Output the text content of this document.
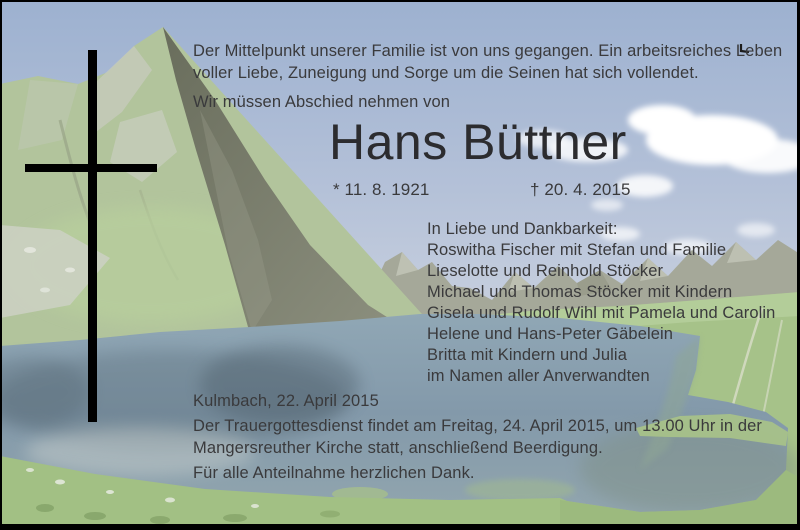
Der Mittelpunkt unserer Familie ist von uns gegangen. Ein arbeitsreiches Leben
voller Liebe, Zuneigung und Sorge um die Seinen hat sich vollendet.

Wir müssen Abschied nehmen von

Hans Büttner
* 11. 8. 1921	† 20. 4. 2015
In Liebe und Dankbarkeit:
Roswitha Fischer mit Stefan und Familie
Lieselotte und Reinhold Stöcker
Michael und Thomas Stöcker mit Kindern
Gisela und Rudolf Wihl mit Pamela und Carolin
Helene und Hans-Peter Gäbelein
Britta mit Kindern und Julia
im Namen aller Anverwandten

Kulmbach, 22. April 2015

Der Trauergottesdienst findet am Freitag, 24. April 2015, um 13.00 Uhr in der
Mangersreuther Kirche statt, anschließend Beerdigung.

Für alle Anteilnahme herzlichen Dank.
